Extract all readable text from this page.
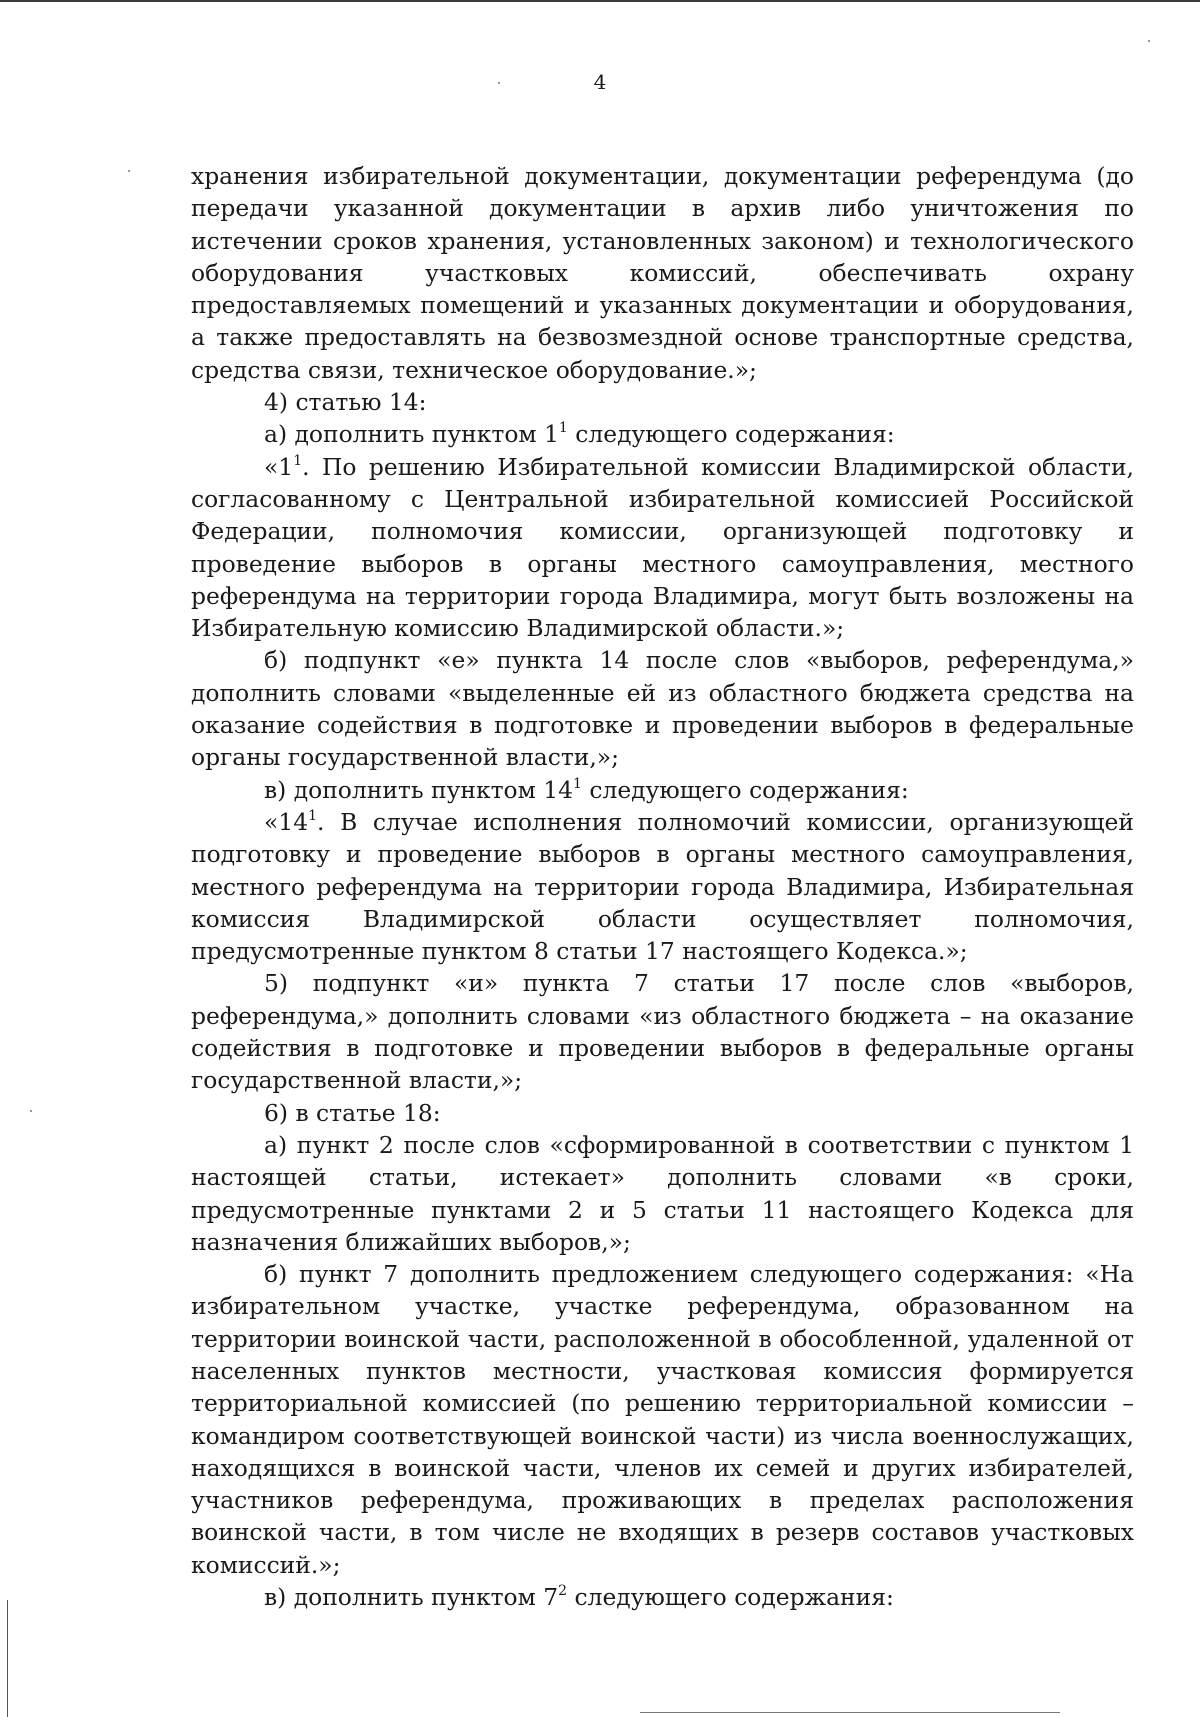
4

хранения избирательной документации, документации референдума (до передачи указанной документации в архив либо уничтожения по истечении сроков хранения, установленных законом) и технологического оборудования участковых комиссий, обеспечивать охрану предоставляемых помещений и указанных документации и оборудования, а также предоставлять на безвозмездной основе транспортные средства, средства связи, техническое оборудование.»;

4) статью 14:

а) дополнить пунктом $1^1$ следующего содержания:

«$1^1$. По решению Избирательной комиссии Владимирской области, согласованному с Центральной избирательной комиссией Российской Федерации, полномочия комиссии, организующей подготовку и проведение выборов в органы местного самоуправления, местного референдума на территории города Владимира, могут быть возложены на Избирательную комиссию Владимирской области.»;

б) подпункт «е» пункта 14 после слов «выборов, референдума,» дополнить словами «выделенные ей из областного бюджета средства на оказание содействия в подготовке и проведении выборов в федеральные органы государственной власти,»;

в) дополнить пунктом $14^1$ следующего содержания:

«$14^1$. В случае исполнения полномочий комиссии, организующей подготовку и проведение выборов в органы местного самоуправления, местного референдума на территории города Владимира, Избирательная комиссия Владимирской области осуществляет полномочия, предусмотренные пунктом 8 статьи 17 настоящего Кодекса.»;

5) подпункт «и» пункта 7 статьи 17 после слов «выборов, референдума,» дополнить словами «из областного бюджета – на оказание содействия в подготовке и проведении выборов в федеральные органы государственной власти,»;

6) в статье 18:

а) пункт 2 после слов «сформированной в соответствии с пунктом 1 настоящей статьи, истекает» дополнить словами «в сроки, предусмотренные пунктами 2 и 5 статьи 11 настоящего Кодекса для назначения ближайших выборов,»;

б) пункт 7 дополнить предложением следующего содержания: «На избирательном участке, участке референдума, образованном на территории воинской части, расположенной в обособленной, удаленной от населенных пунктов местности, участковая комиссия формируется территориальной комиссией (по решению территориальной комиссии – командиром соответствующей воинской части) из числа военнослужащих, находящихся в воинской части, членов их семей и других избирателей, участников референдума, проживающих в пределах расположения воинской части, в том числе не входящих в резерв составов участковых комиссий.»;

в) дополнить пунктом $7^2$ следующего содержания:
